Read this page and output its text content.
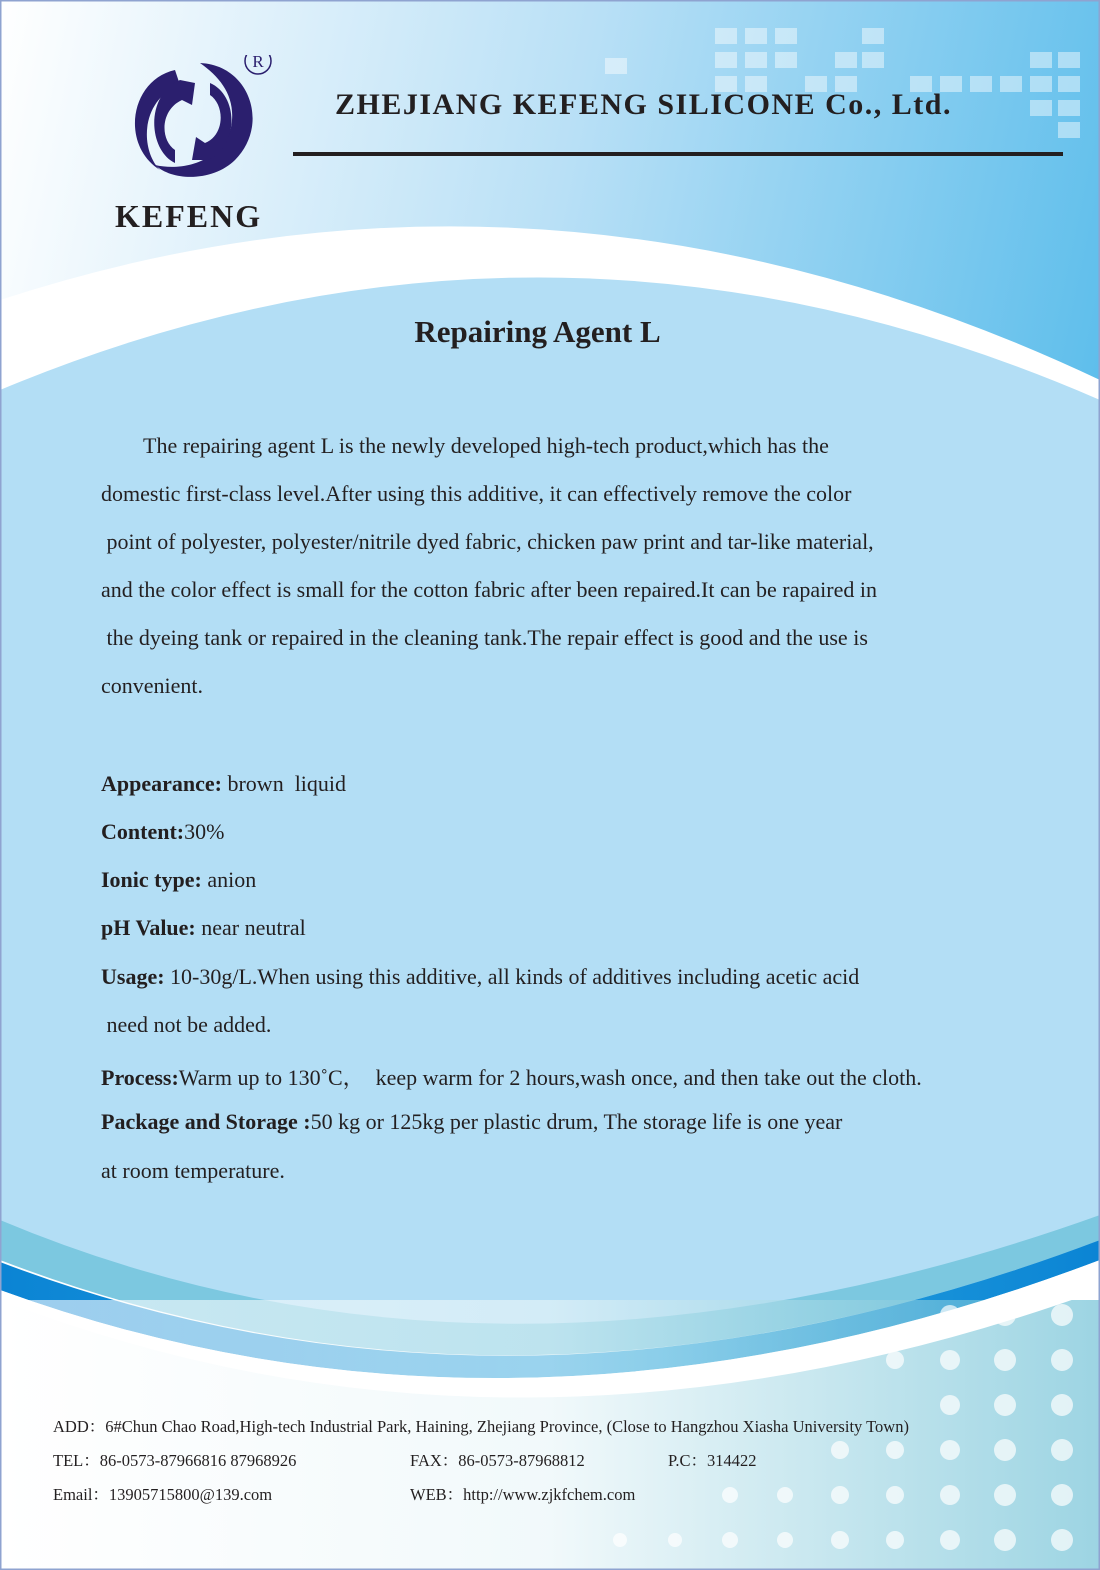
R
KEFENG
ZHEJIANG KEFENG SILICONE Co., Ltd.
Repairing Agent L
The repairing agent L is the newly developed high-tech product,which has the
domestic first-class level.After using this additive, it can effectively remove the color
point of polyester, polyester/nitrile dyed fabric, chicken paw print and tar-like material,
and the color effect is small for the cotton fabric after been repaired.It can be rapaired in
the dyeing tank or repaired in the cleaning tank.The repair effect is good and the use is
convenient.
Appearance: brown  liquid
Content:30%
Ionic type: anion
pH Value: near neutral
Usage: 10-30g/L.When using this additive, all kinds of additives including acetic acid
need not be added.
Process:Warm up to 130˚C，  keep warm for 2 hours,wash once, and then take out the cloth.
Package and Storage :50 kg or 125kg per plastic drum, The storage life is one year
at room temperature.
ADD：6#Chun Chao Road,High-tech Industrial Park, Haining, Zhejiang Province, (Close to Hangzhou Xiasha University Town)
TEL：86-0573-87966816 87968926	FAX：86-0573-87968812	P.C：314422
Email：13905715800@139.com	WEB：http://www.zjkfchem.com
